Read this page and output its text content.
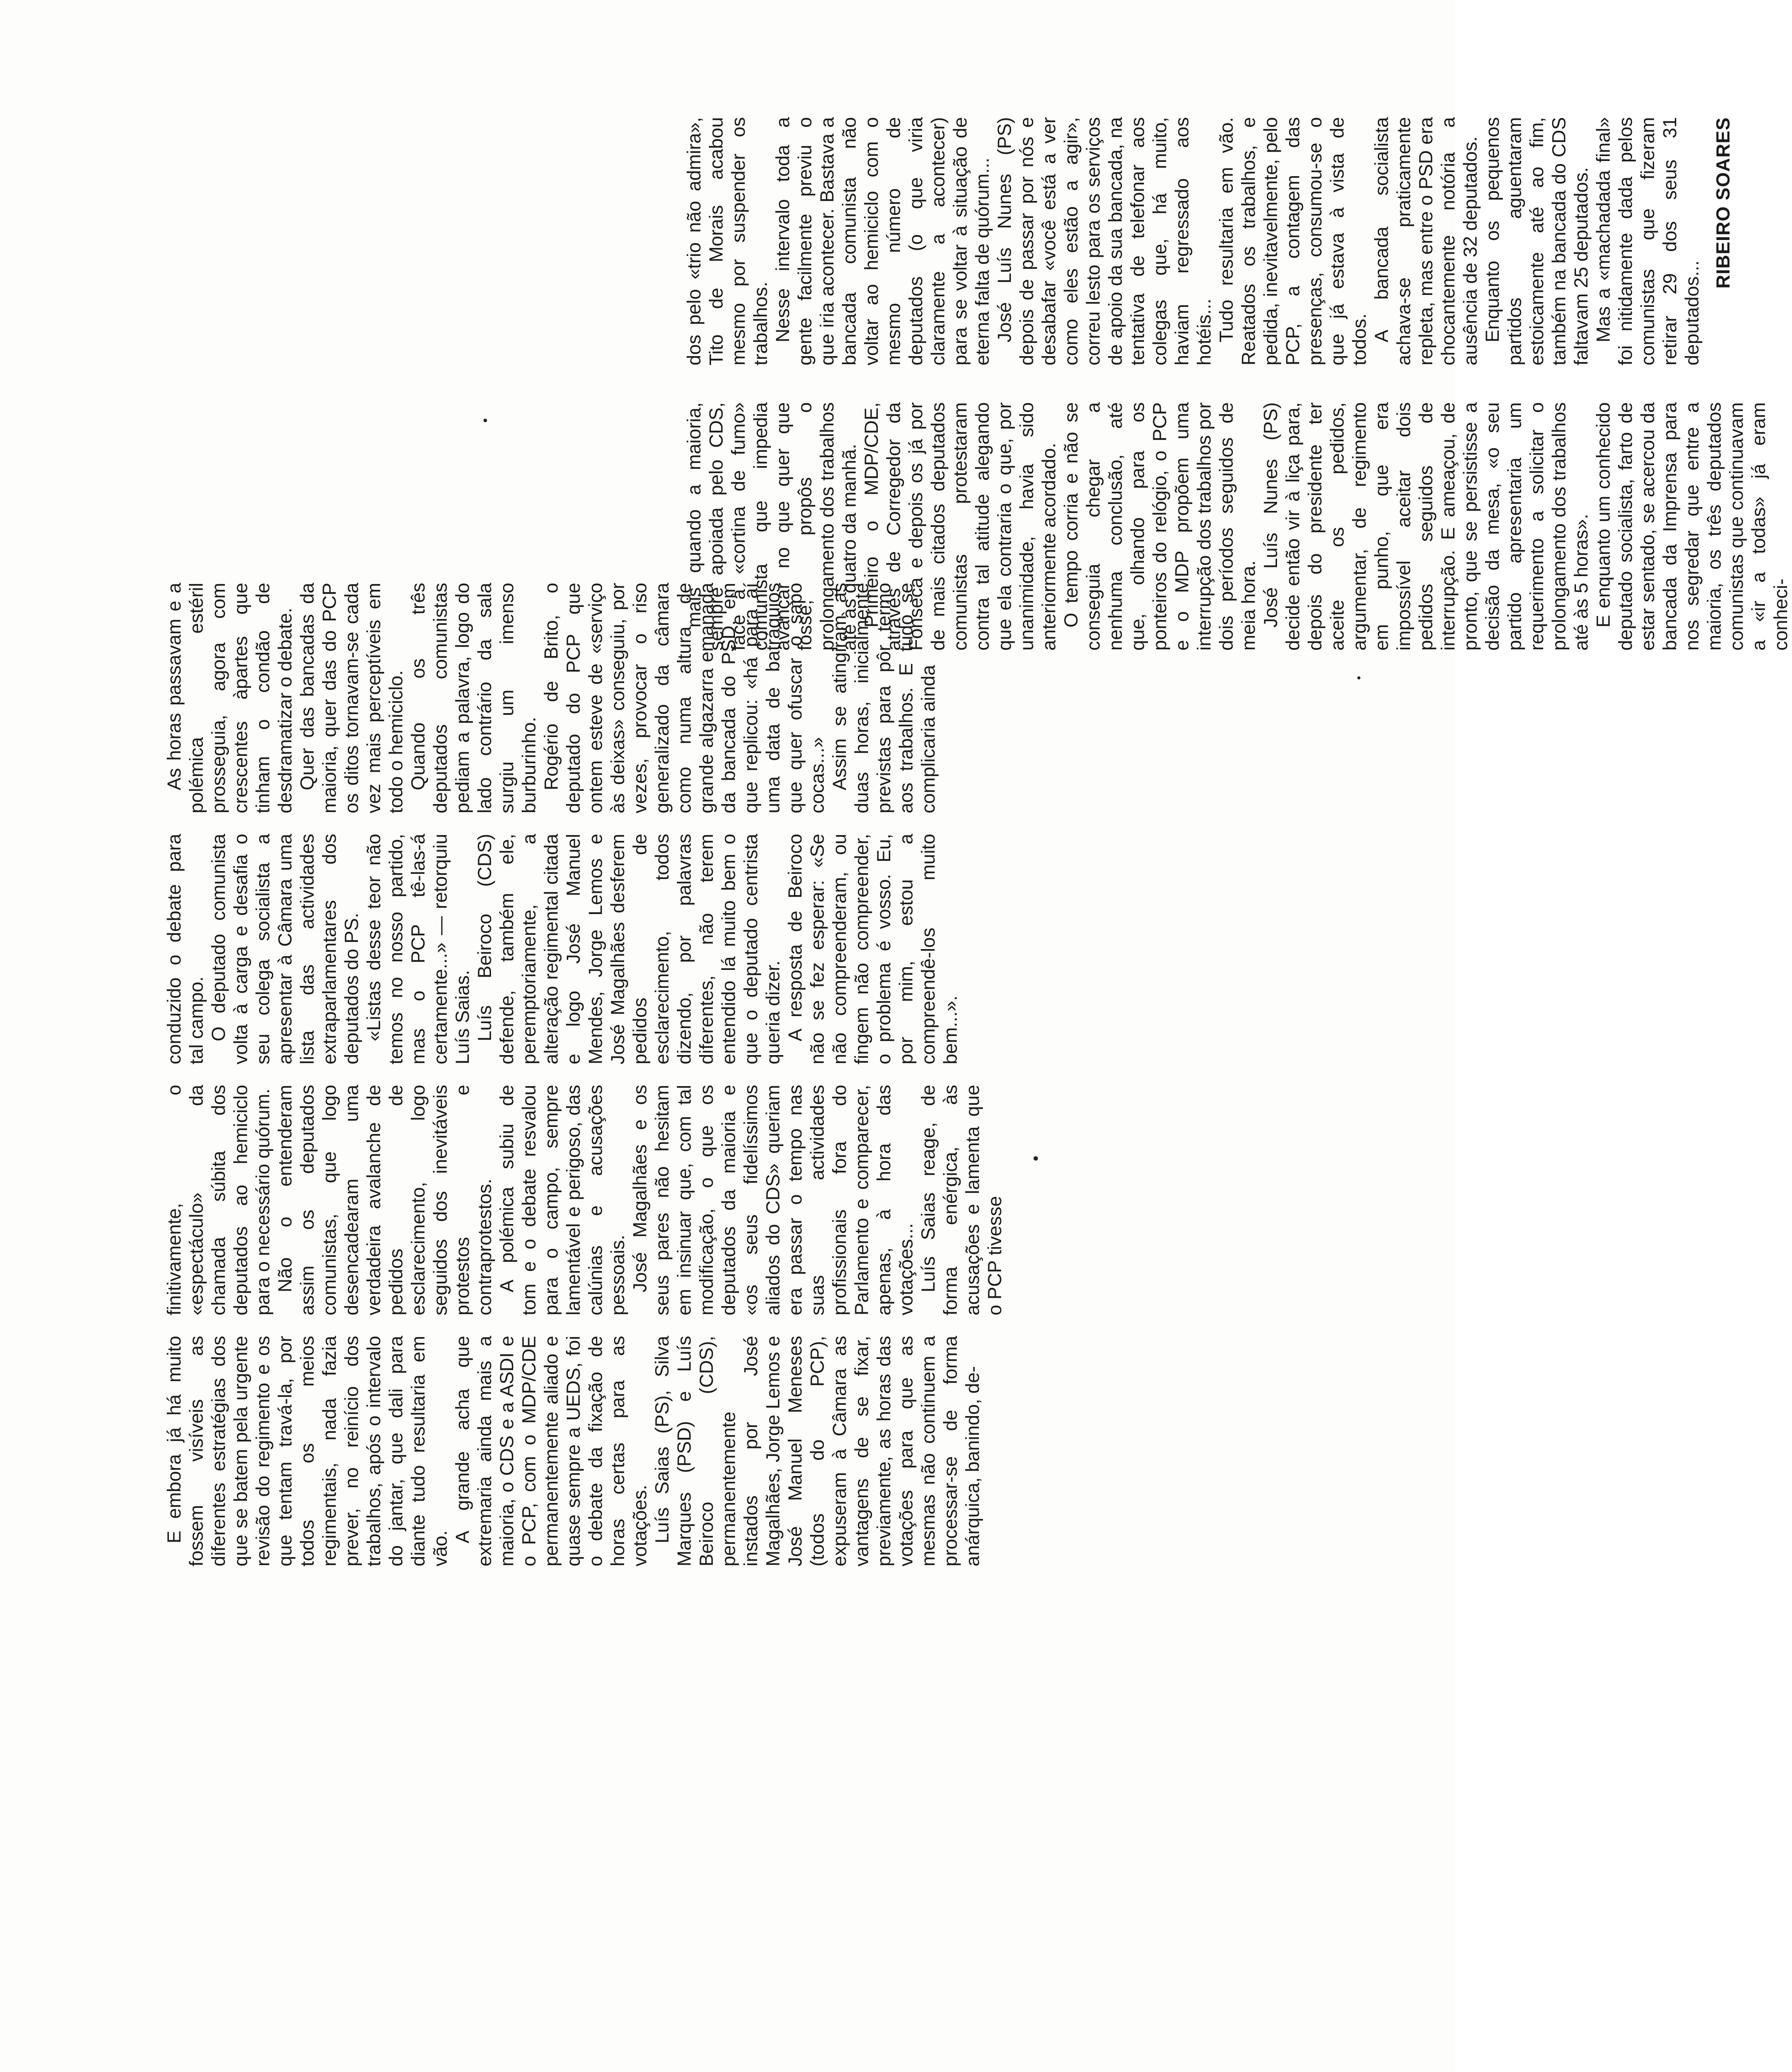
E embora já há muito fossem visíveis as diferentes estratégias dos que se batem pela urgente revisão do regimento e os que tentam travá-la, por todos os meios regimentais, nada fazia prever, no reinício dos trabalhos, após o intervalo do jantar, que dali para diante tudo resultaria em vão.

A grande acha que extremaria ainda mais a maioria, o CDS e a ASDI e o PCP, com o MDP/CDE permanentemente aliado e quase sempre a UEDS, foi o debate da fixação de horas certas para as votações. Luís Saias (PS), Silva Marques (PSD) e Luís Beiroco (CDS), permanentemente instados por José Magalhães, Jorge Lemos e José Manuel Meneses (todos do PCP), expuseram à Câmara as vantagens de se fixar, previamente, as horas das votações para que as mesmas não continuem a processar-se de forma anárquica, banindo, de-

finitivamente, o «espectáculo» da chamada súbita dos deputados ao hemiciclo para o necessário quórum. Não o entenderam assim os deputados comunistas, que logo desencadearam uma verdadeira avalanche de pedidos de esclarecimento, logo seguidos dos inevitáveis protestos e contraprotestos. A polémica subiu de tom e o debate resvalou para o campo, sempre lamentável e perigoso, das calúnias e acusações pessoais. José Magalhães e os seus pares não hesitam em insinuar que, com tal modificação, o que os deputados da maioria e «os seus fidelíssimos aliados do CDS» queriam era passar o tempo nas suas actividades profissionais fora do Parlamento e comparecer, apenas, à hora das votações... Luís Saias reage, de forma enérgica, às acusações e lamenta que o PCP tivesse

conduzido o debate para tal campo. O deputado comunista volta à carga e desafia o seu colega socialista a apresentar à Câmara uma lista das actividades extraparlamentares dos deputados do PS. «Listas desse teor não temos no nosso partido, mas o PCP tê-las-á certamente...» — retorquiu Luís Saias. Luís Beiroco (CDS) defende, também ele, peremptoriamente, a alteração regimental citada e logo José Manuel Mendes, Jorge Lemos e José Magalhães desferem pedidos de esclarecimento, todos dizendo, por palavras diferentes, não terem entendido lá muito bem o que o deputado centrista queria dizer. A resposta de Beiroco não se fez esperar: «Se não compreenderam, ou fingem não compreender, o problema é vosso. Eu, por mim, estou a compreendê-los muito bem...».

As horas passavam e a polémica estéril prosseguia, agora com crescentes àpartes que tinham o condão de desdramatizar o debate. Quer das bancadas da maioria, quer das do PCP os ditos tornavam-se cada vez mais perceptíveis em todo o hemiciclo. Quando os três deputados comunistas pediam a palavra, logo do lado contrário da sala surgiu um imenso burburinho. Rogério de Brito, o deputado do PCP que ontem esteve de «serviço às deixas» conseguiu, por vezes, provocar o riso generalizado da câmara como numa altura de grande algazarra emanada da bancada do PSD, em que replicou: «há para aí uma data de batráquios que quer ofuscar o sapo cocas...» Assim se atingiram as duas horas, inicialmente previstas para pôr termo aos trabalhos. E tudo se complicaria ainda

mais quando a maioria, sempre apoiada pelo CDS, face à «cortina de fumo» comunista que impedia avançar no que quer que fosse, propôs o prolongamento dos trabalhos até às quatro da manhã. Primeiro o MDP/CDE, através de Corregedor da Fonseca e depois os já por de mais citados deputados comunistas protestaram contra tal atitude alegando que ela contraria o que, por unanimidade, havia sido anteriormente acordado. O tempo corria e não se conseguia chegar a nenhuma conclusão, até que, olhando para os ponteiros do relógio, o PCP e o MDP propõem uma interrupção dos trabalhos por dois períodos seguidos de meia hora. José Luís Nunes (PS) decide então vir à liça para, depois do presidente ter aceite os pedidos, argumentar, de regimento em punho, que era impossível aceitar dois pedidos seguidos de interrupção. E ameaçou, de pronto, que se persistisse a decisão da mesa, «o seu partido apresentaria um requerimento a solicitar o prolongamento dos trabalhos até às 5 horas». E enquanto um conhecido deputado socialista, farto de estar sentado, se acercou da bancada da Imprensa para nos segredar que entre a maioria, os três deputados comunistas que continuavam a «ir a todas» já eram conheci-

dos pelo «trio não admira», Tito de Morais acabou mesmo por suspender os trabalhos. Nesse intervalo toda a gente facilmente previu o que iria acontecer. Bastava a bancada comunista não voltar ao hemiciclo com o mesmo número de deputados (o que viria claramente a acontecer) para se voltar à situação de eterna falta de quórum... José Luís Nunes (PS) depois de passar por nós e desabafar «você está a ver como eles estão a agir», correu lesto para os serviços de apoio da sua bancada, na tentativa de telefonar aos colegas que, há muito, haviam regressado aos hotéis... Tudo resultaria em vão. Reatados os trabalhos, e pedida, inevitavelmente, pelo PCP, a contagem das presenças, consumou-se o que já estava à vista de todos. A bancada socialista achava-se praticamente repleta, mas entre o PSD era chocantemente notória a ausência de 32 deputados. Enquanto os pequenos partidos aguentaram estoicamente até ao fim, também na bancada do CDS faltavam 25 deputados. Mas a «machadada final» foi nitidamente dada pelos comunistas que fizeram retirar 29 dos seus 31 deputados...

RIBEIRO SOARES
